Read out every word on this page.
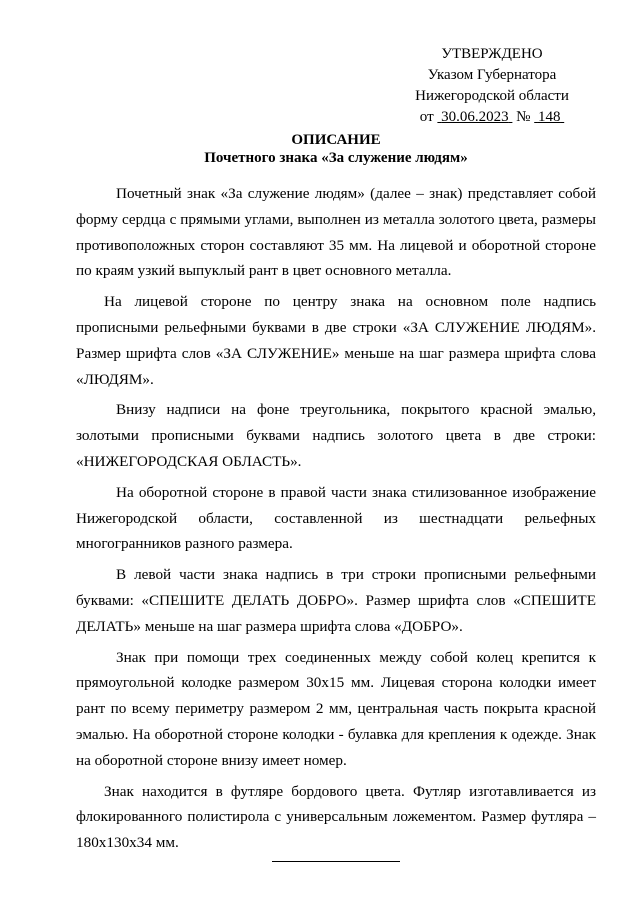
УТВЕРЖДЕНО
Указом Губернатора
Нижегородской области
от 30.06.2023 № 148
ОПИСАНИЕ
Почетного знака «За служение людям»

Почетный знак «За служение людям» (далее – знак) представляет собой форму сердца с прямыми углами, выполнен из металла золотого цвета, размеры противоположных сторон составляют 35 мм. На лицевой и оборотной стороне по краям узкий выпуклый рант в цвет основного металла.

На лицевой стороне по центру знака на основном поле надпись прописными рельефными буквами в две строки «ЗА СЛУЖЕНИЕ ЛЮДЯМ». Размер шрифта слов «ЗА СЛУЖЕНИЕ» меньше на шаг размера шрифта слова «ЛЮДЯМ».

Внизу надписи на фоне треугольника, покрытого красной эмалью, золотыми прописными буквами надпись золотого цвета в две строки: «НИЖЕГОРОДСКАЯ ОБЛАСТЬ».

На оборотной стороне в правой части знака стилизованное изображение Нижегородской области, составленной из шестнадцати рельефных многогранников разного размера.

В левой части знака надпись в три строки прописными рельефными буквами: «СПЕШИТЕ ДЕЛАТЬ ДОБРО». Размер шрифта слов «СПЕШИТЕ ДЕЛАТЬ» меньше на шаг размера шрифта слова «ДОБРО».

Знак при помощи трех соединенных между собой колец крепится к прямоугольной колодке размером 30х15 мм. Лицевая сторона колодки имеет рант по всему периметру размером 2 мм, центральная часть покрыта красной эмалью. На оборотной стороне колодки - булавка для крепления к одежде. Знак на оборотной стороне внизу имеет номер.

Знак находится в футляре бордового цвета. Футляр изготавливается из флокированного полистирола с универсальным ложементом. Размер футляра – 180х130х34 мм.
